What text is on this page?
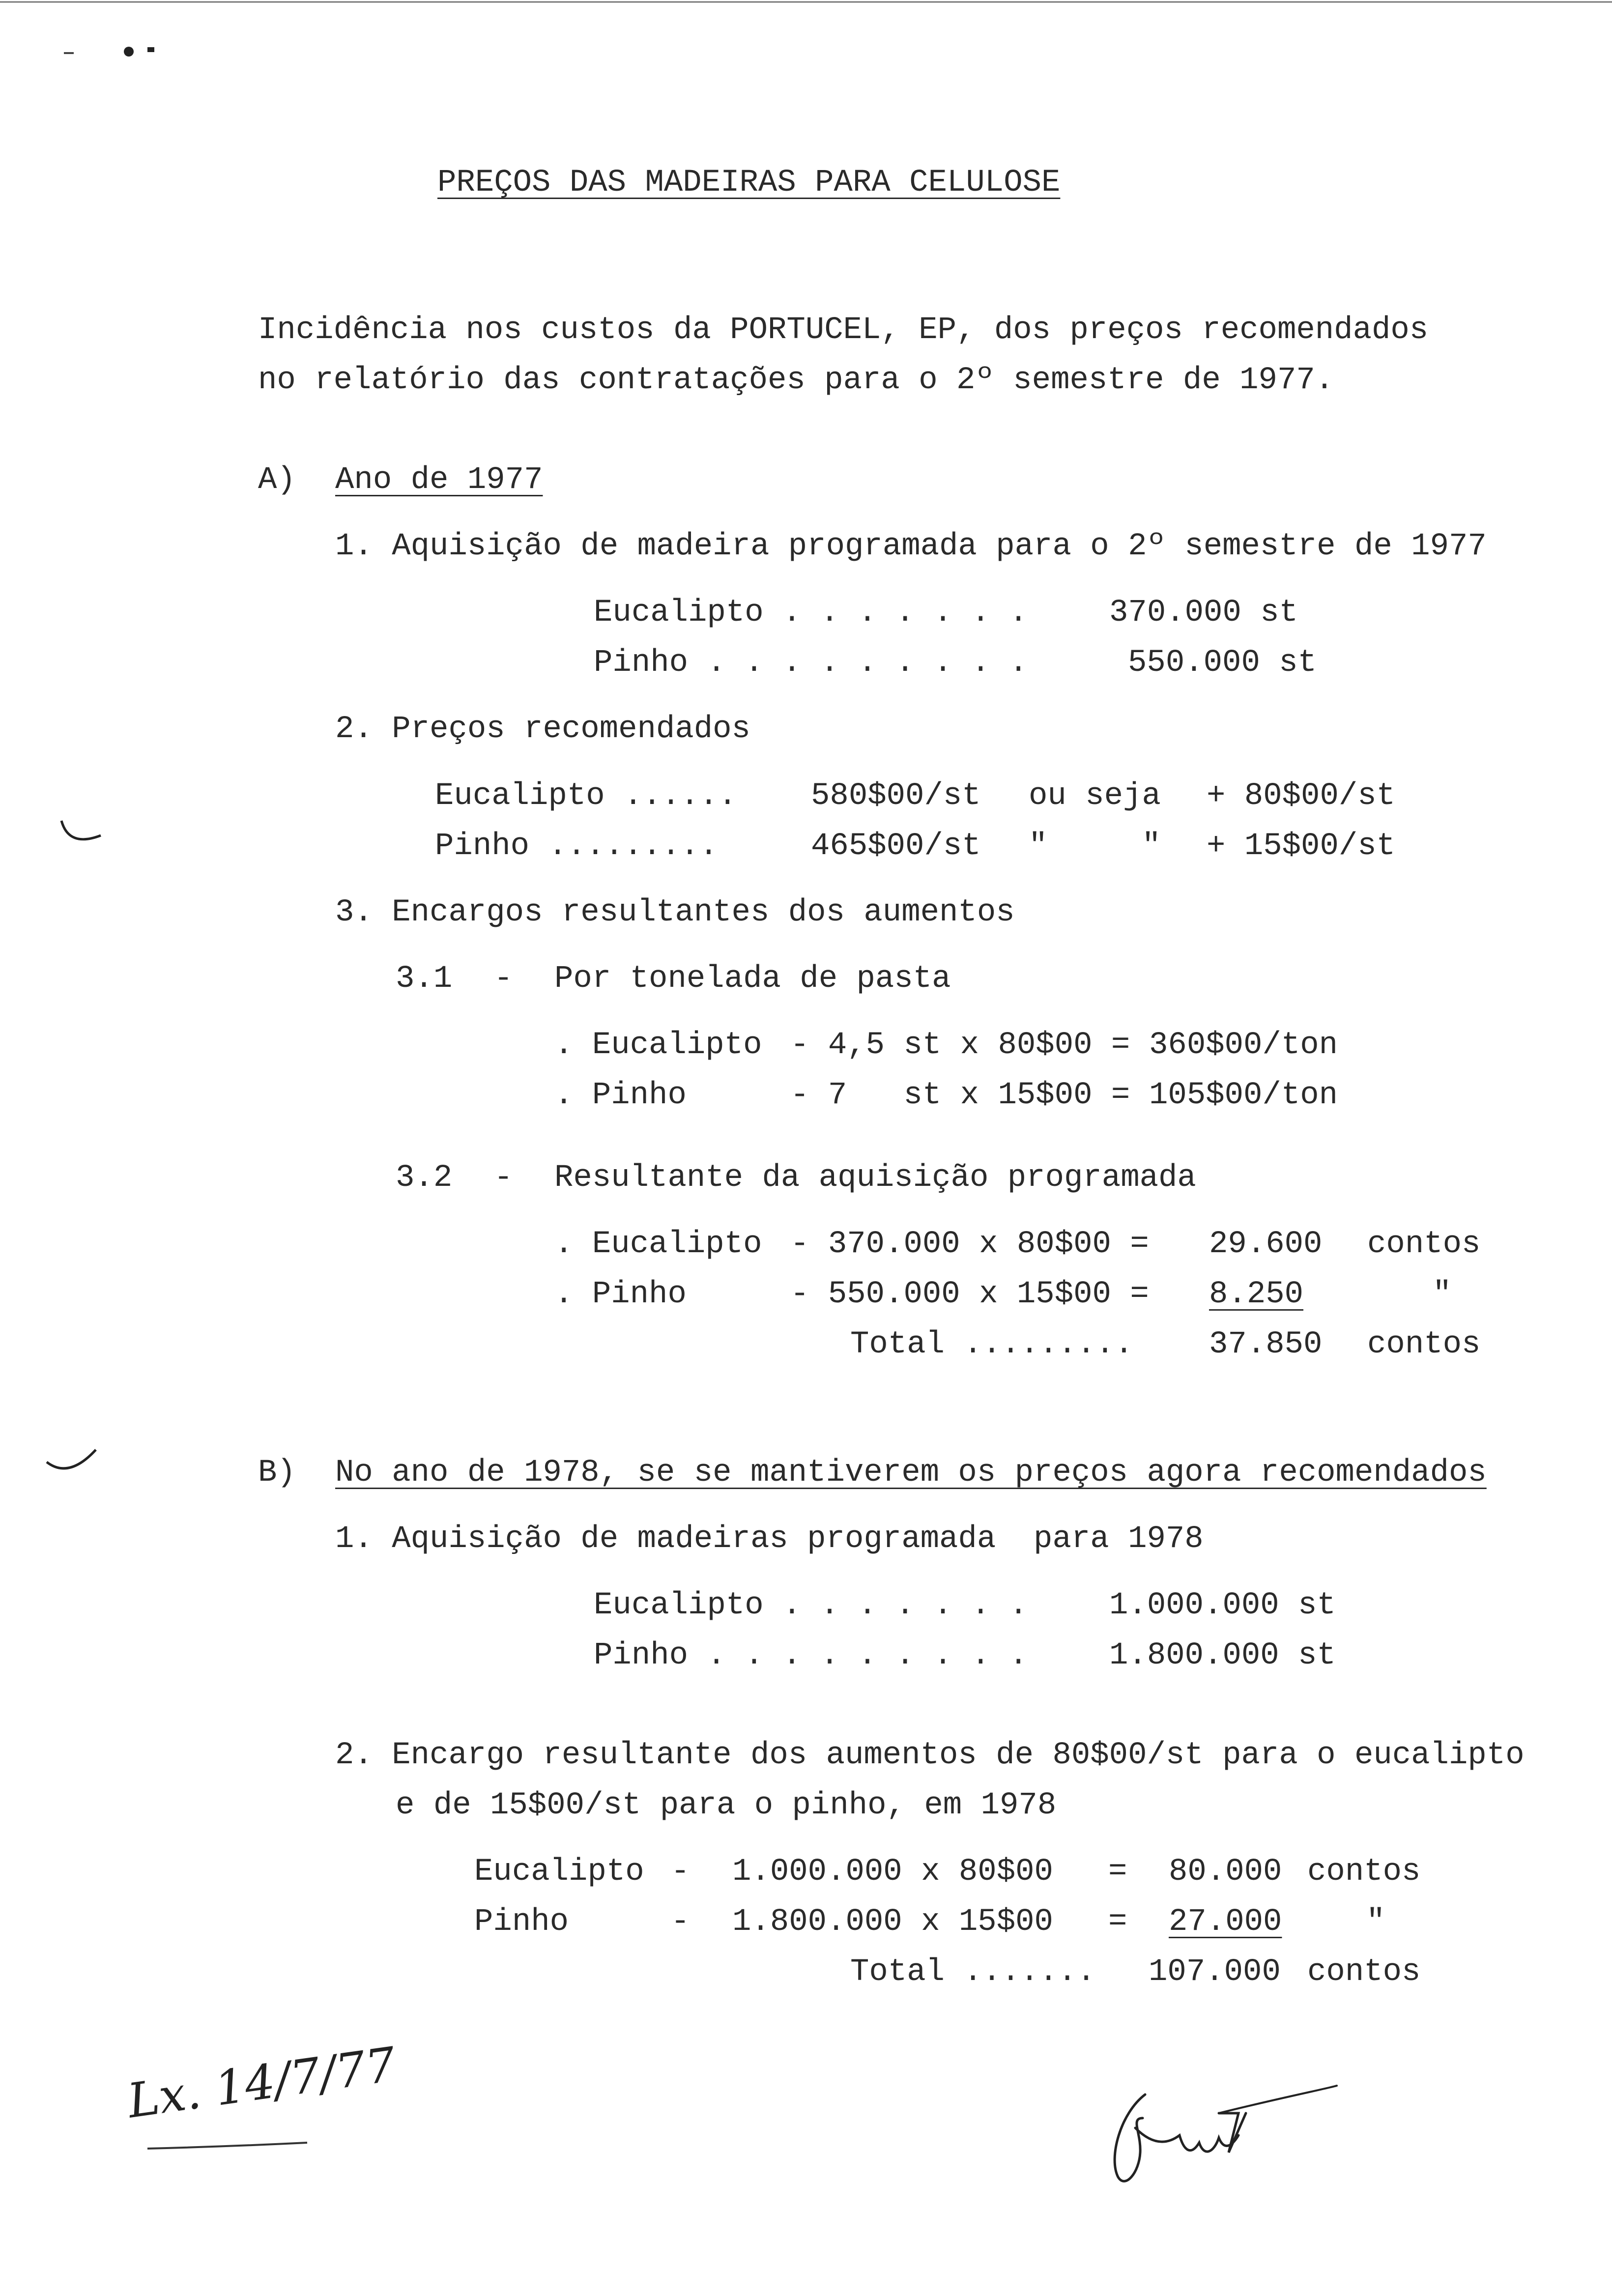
PREÇOS DAS MADEIRAS PARA CELULOSE
Incidência nos custos da PORTUCEL, EP, dos preços recomendados
no relatório das contratações para o 2º semestre de 1977.
A) Ano de 1977
1. Aquisição de madeira programada para o 2º semestre de 1977
Eucalipto . . . . . . .	370.000 st
Pinho . . . . . . . . .	550.000 st
2. Preços recomendados
Eucalipto ...... 580$00/st ou seja + 80$00/st
Pinho .........	465$00/st "     " + 15$00/st
3. Encargos resultantes dos aumentos
3.1 - Por tonelada de pasta
. Eucalipto - 4,5 st x 80$00 = 360$00/ton
. Pinho	- 7   st x 15$00 = 105$00/ton
3.2 - Resultante da aquisição programada
. Eucalipto - 370.000 x 80$00 = 29.600 contos
. Pinho	- 550.000 x 15$00 = 8.250	"
Total ......... 37.850 contos
B) No ano de 1978, se se mantiverem os preços agora recomendados
1. Aquisição de madeiras programada  para 1978
Eucalipto . . . . . . .	1.000.000 st
Pinho . . . . . . . . .	1.800.000 st
2. Encargo resultante dos aumentos de 80$00/st para o eucalipto
e de 15$00/st para o pinho, em 1978
Eucalipto - 1.000.000 x 80$00 = 80.000 contos
Pinho	- 1.800.000 x 15$00 = 27.000	"
Total ....... 107.000 contos
Lx. 14/7/77
